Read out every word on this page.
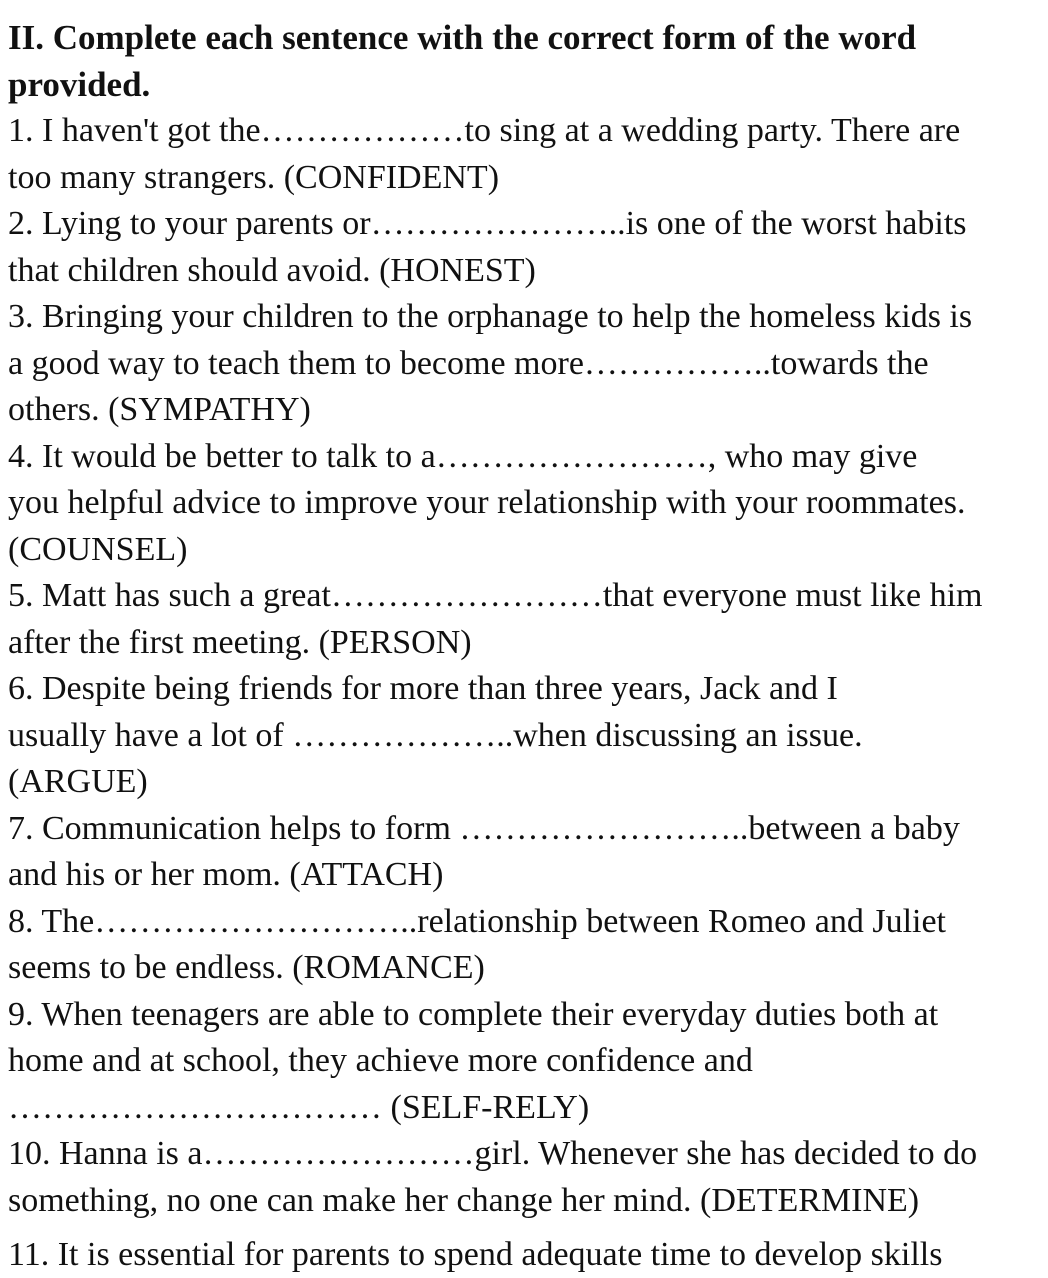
II. Complete each sentence with the correct form of the word
provided.
1. I haven't got the………………to sing at a wedding party. There are
too many strangers. (CONFIDENT)
2. Lying to your parents or…………………..is one of the worst habits
that children should avoid. (HONEST)
3. Bringing your children to the orphanage to help the homeless kids is
a good way to teach them to become more……………..towards the
others. (SYMPATHY)
4. It would be better to talk to a……………………, who may give
you helpful advice to improve your relationship with your roommates.
(COUNSEL)
5. Matt has such a great……………………that everyone must like him
after the first meeting. (PERSON)
6. Despite being friends for more than three years, Jack and I
usually have a lot of ………………..when discussing an issue.
(ARGUE)
7. Communication helps to form ……………………..between a baby
and his or her mom. (ATTACH)
8. The………………………..relationship between Romeo and Juliet
seems to be endless. (ROMANCE)
9. When teenagers are able to complete their everyday duties both at
home and at school, they achieve more confidence and
…………………………… (SELF-RELY)
10. Hanna is a……………………girl. Whenever she has decided to do
something, no one can make her change her mind. (DETERMINE)
11. It is essential for parents to spend adequate time to develop skills
